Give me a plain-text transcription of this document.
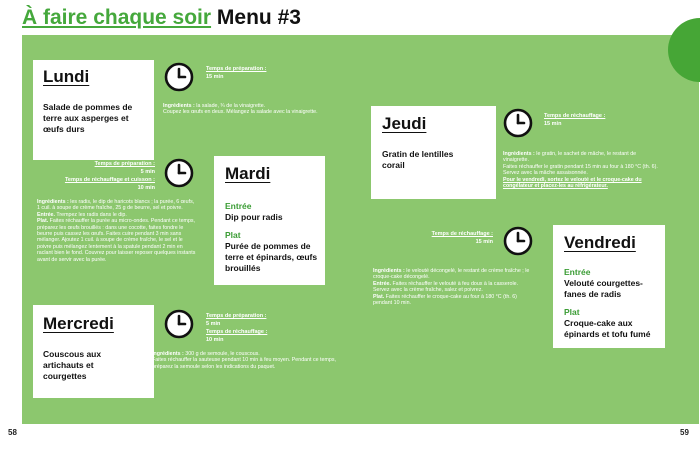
À faire chaque soir Menu #3
Lundi
Salade de pommes de terre aux asperges et œufs durs
Temps de préparation :
15 min
Ingrédients : la salade, ¾ de la vinaigrette.
Coupez les œufs en deux. Mélangez la salade avec la vinaigrette.
Temps de préparation :
5 min
Temps de réchauffage et cuisson :
10 min
Mardi
Entrée
Dip pour radis
Plat
Purée de pommes de terre et épinards, œufs brouillés
Ingrédients : les radis, le dip de haricots blancs ; la purée, 6 œufs, 1 cuil. à soupe de crème fraîche, 25 g de beurre, sel et poivre.
Entrée. Trempez les radis dans le dip.
Plat. Faites réchauffer la purée au micro-ondes. Pendant ce temps, préparez les œufs brouillés : dans une cocotte, faites fondre le beurre puis cassez les œufs. Faites cuire pendant 3 min sans mélanger. Ajoutez 1 cuil. à soupe de crème fraîche, le sel et le poivre puis mélangez lentement à la spatule pendant 2 min en raclant bien le fond. Couvrez pour laisser reposer quelques instants avant de servir avec la purée.
Mercredi
Couscous aux artichauts et courgettes
Temps de préparation :
5 min
Temps de réchauffage :
10 min
Ingrédients : 300 g de semoule, le couscous.
Faites réchauffer la sauteuse pendant 10 min à feu moyen. Pendant ce temps, préparez la semoule selon les indications du paquet.
Jeudi
Gratin de lentilles corail
Temps de réchauffage :
15 min
Ingrédients : le gratin, le sachet de mâche, le restant de vinaigrette.
Faites réchauffer le gratin pendant 15 min au four à 180 °C (th. 6). Servez avec la mâche assaisonnée.
Pour le vendredi, sortez le velouté et le croque-cake du congélateur et placez-les au réfrigérateur.
Temps de réchauffage :
15 min	Vendredi
Entrée
Velouté courgettes-fanes de radis
Plat
Croque-cake aux épinards et tofu fumé
Ingrédients : le velouté décongelé, le restant de crème fraîche ; le croque-cake décongelé.
Entrée. Faites réchauffer le velouté à feu doux à la casserole. Servez avec la crème fraîche, salez et poivrez.
Plat. Faites réchauffer le croque-cake au four à 180 °C (th. 6) pendant 10 min.
58	59
